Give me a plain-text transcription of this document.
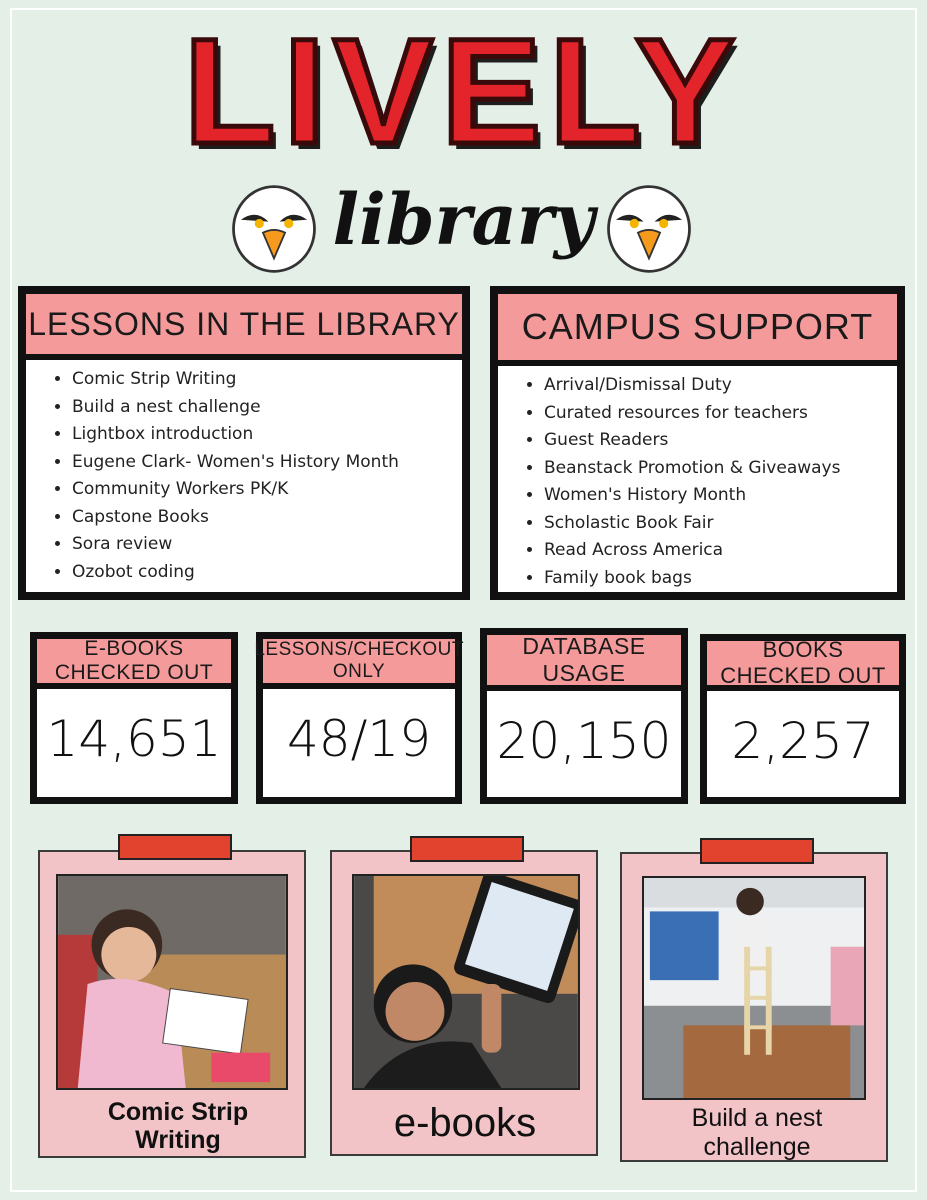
LIVELY
library
LESSONS IN THE LIBRARY
• Comic Strip Writing
• Build a nest challenge
• Lightbox introduction
• Eugene Clark- Women's History Month
• Community Workers PK/K
• Capstone Books
• Sora review
• Ozobot coding
CAMPUS SUPPORT
• Arrival/Dismissal Duty
• Curated resources for teachers
• Guest Readers
• Beanstack Promotion & Giveaways
• Women's History Month
• Scholastic Book Fair
• Read Across America
• Family book bags
E-BOOKS CHECKED OUT
14,651
LESSONS/CHECKOUT ONLY
48/19
DATABASE USAGE
20,150
BOOKS CHECKED OUT
2,257
Comic Strip Writing	e-books	Build a nest challenge
